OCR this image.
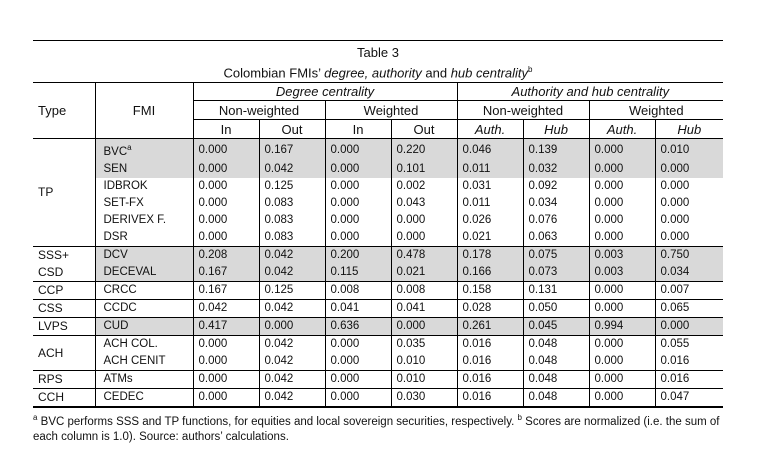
Table 3
Colombian FMIs’ degree, authority and hub centrality$^b$
Type	FMI	Degree centrality				Authority and hub centrality			
		Non-weighted		Weighted		Non-weighted		Weighted	
		In	Out	In	Out	Auth.	Hub	Auth.	Hub

TP	BVC$^a$	0.000	0.167	0.000	0.220	0.046	0.139	0.000	0.010
	SEN	0.000	0.042	0.000	0.101	0.011	0.032	0.000	0.000
	IDBROK	0.000	0.125	0.000	0.002	0.031	0.092	0.000	0.000
	SET-FX	0.000	0.083	0.000	0.043	0.011	0.034	0.000	0.000
	DERIVEX F.	0.000	0.083	0.000	0.000	0.026	0.076	0.000	0.000
	DSR	0.000	0.083	0.000	0.000	0.021	0.063	0.000	0.000

SSS+
CSD	DCV	0.208	0.042	0.200	0.478	0.178	0.075	0.003	0.750
	DECEVAL	0.167	0.042	0.115	0.021	0.166	0.073	0.003	0.034

CCP	CRCC	0.167	0.125	0.008	0.008	0.158	0.131	0.000	0.007

CSS	CCDC	0.042	0.042	0.041	0.041	0.028	0.050	0.000	0.065

LVPS	CUD	0.417	0.000	0.636	0.000	0.261	0.045	0.994	0.000

ACH	ACH COL.	0.000	0.042	0.000	0.035	0.016	0.048	0.000	0.055
	ACH CENIT	0.000	0.042	0.000	0.010	0.016	0.048	0.000	0.016

RPS	ATMs	0.000	0.042	0.000	0.010	0.016	0.048	0.000	0.016

CCH	CEDEC	0.000	0.042	0.000	0.030	0.016	0.048	0.000	0.047
$^a$ BVC performs SSS and TP functions, for equities and local sovereign securities, respectively. $^b$ Scores are normalized (i.e. the sum of each column is 1.0). Source: authors’ calculations.
